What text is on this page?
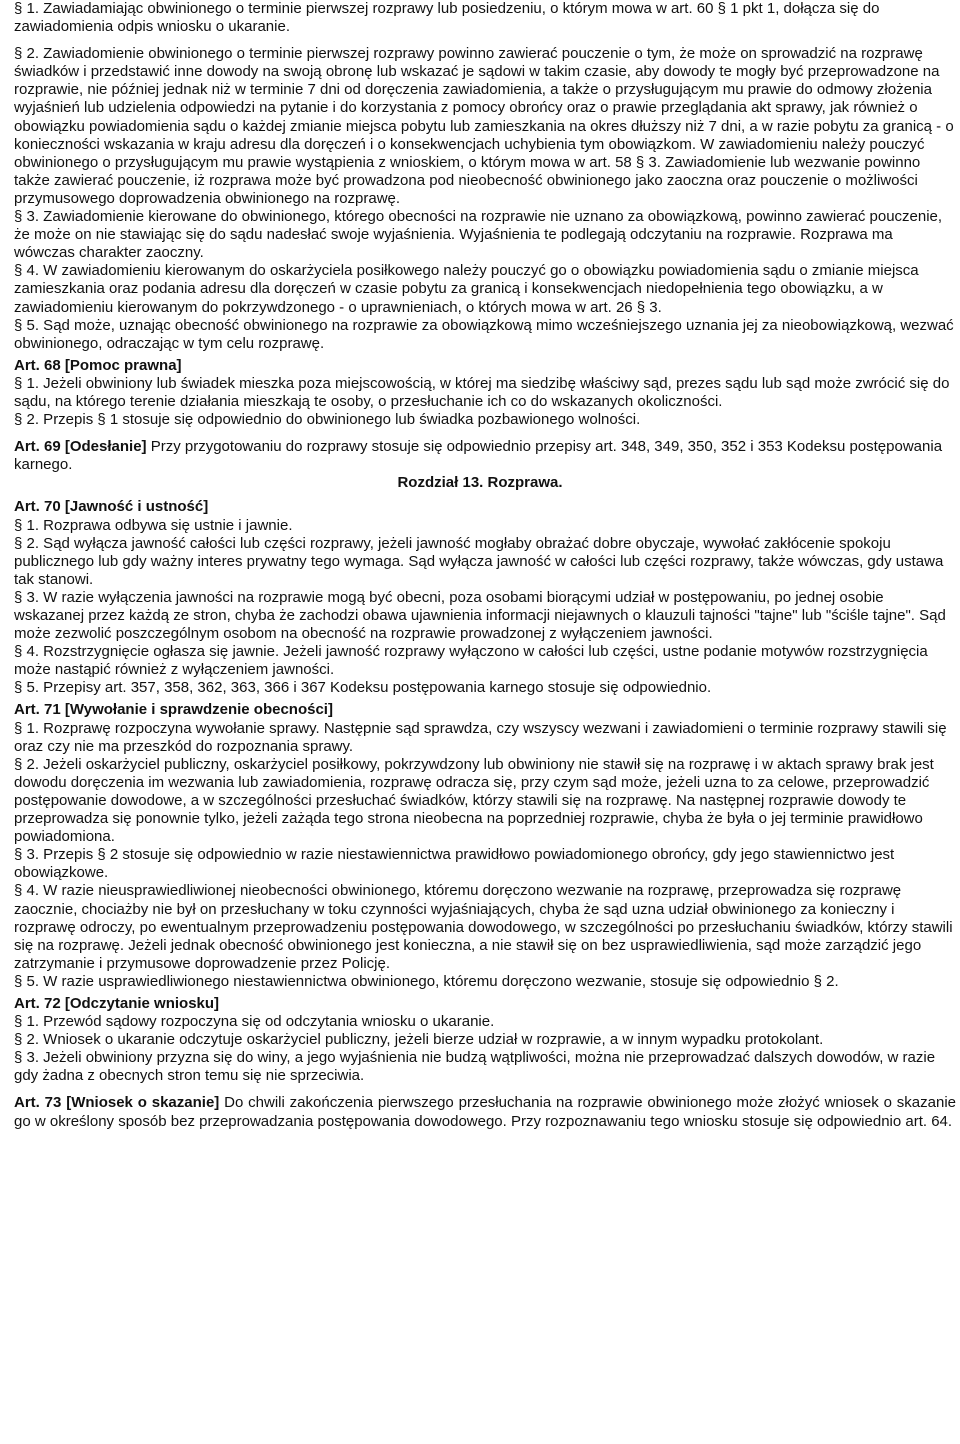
§ 1. Zawiadamiając obwinionego o terminie pierwszej rozprawy lub posiedzeniu, o którym mowa w art. 60 § 1 pkt 1, dołącza się do zawiadomienia odpis wniosku o ukaranie.

§ 2. Zawiadomienie obwinionego o terminie pierwszej rozprawy powinno zawierać pouczenie o tym, że może on sprowadzić na rozprawę świadków i przedstawić inne dowody na swoją obronę lub wskazać je sądowi w takim czasie, aby dowody te mogły być przeprowadzone na rozprawie, nie później jednak niż w terminie 7 dni od doręczenia zawiadomienia, a także o przysługującym mu prawie do odmowy złożenia wyjaśnień lub udzielenia odpowiedzi na pytanie i do korzystania z pomocy obrońcy oraz o prawie przeglądania akt sprawy, jak również o obowiązku powiadomienia sądu o każdej zmianie miejsca pobytu lub zamieszkania na okres dłuższy niż 7 dni, a w razie pobytu za granicą - o konieczności wskazania w kraju adresu dla doręczeń i o konsekwencjach uchybienia tym obowiązkom. W zawiadomieniu należy pouczyć obwinionego o przysługującym mu prawie wystąpienia z wnioskiem, o którym mowa w art. 58 § 3. Zawiadomienie lub wezwanie powinno także zawierać pouczenie, iż rozprawa może być prowadzona pod nieobecność obwinionego jako zaoczna oraz pouczenie o możliwości przymusowego doprowadzenia obwinionego na rozprawę.

§ 3. Zawiadomienie kierowane do obwinionego, którego obecności na rozprawie nie uznano za obowiązkową, powinno zawierać pouczenie, że może on nie stawiając się do sądu nadesłać swoje wyjaśnienia. Wyjaśnienia te podlegają odczytaniu na rozprawie. Rozprawa ma wówczas charakter zaoczny.

§ 4. W zawiadomieniu kierowanym do oskarżyciela posiłkowego należy pouczyć go o obowiązku powiadomienia sądu o zmianie miejsca zamieszkania oraz podania adresu dla doręczeń w czasie pobytu za granicą i konsekwencjach niedopełnienia tego obowiązku, a w zawiadomieniu kierowanym do pokrzywdzonego - o uprawnieniach, o których mowa w art. 26 § 3.

§ 5. Sąd może, uznając obecność obwinionego na rozprawie za obowiązkową mimo wcześniejszego uznania jej za nieobowiązkową, wezwać obwinionego, odraczając w tym celu rozprawę.

Art. 68 [Pomoc prawna]

§ 1. Jeżeli obwiniony lub świadek mieszka poza miejscowością, w której ma siedzibę właściwy sąd, prezes sądu lub sąd może zwrócić się do sądu, na którego terenie działania mieszkają te osoby, o przesłuchanie ich co do wskazanych okoliczności.

§ 2. Przepis § 1 stosuje się odpowiednio do obwinionego lub świadka pozbawionego wolności.

Art. 69 [Odesłanie] Przy przygotowaniu do rozprawy stosuje się odpowiednio przepisy art. 348, 349, 350, 352 i 353 Kodeksu postępowania karnego.

Rozdział 13. Rozprawa.

Art. 70 [Jawność i ustność]

§ 1. Rozprawa odbywa się ustnie i jawnie.

§ 2. Sąd wyłącza jawność całości lub części rozprawy, jeżeli jawność mogłaby obrażać dobre obyczaje, wywołać zakłócenie spokoju publicznego lub gdy ważny interes prywatny tego wymaga. Sąd wyłącza jawność w całości lub części rozprawy, także wówczas, gdy ustawa tak stanowi.

§ 3. W razie wyłączenia jawności na rozprawie mogą być obecni, poza osobami biorącymi udział w postępowaniu, po jednej osobie wskazanej przez każdą ze stron, chyba że zachodzi obawa ujawnienia informacji niejawnych o klauzuli tajności "tajne" lub "ściśle tajne". Sąd może zezwolić poszczególnym osobom na obecność na rozprawie prowadzonej z wyłączeniem jawności.

§ 4. Rozstrzygnięcie ogłasza się jawnie. Jeżeli jawność rozprawy wyłączono w całości lub części, ustne podanie motywów rozstrzygnięcia może nastąpić również z wyłączeniem jawności.

§ 5. Przepisy art. 357, 358, 362, 363, 366 i 367 Kodeksu postępowania karnego stosuje się odpowiednio.

Art. 71 [Wywołanie i sprawdzenie obecności]

§ 1. Rozprawę rozpoczyna wywołanie sprawy. Następnie sąd sprawdza, czy wszyscy wezwani i zawiadomieni o terminie rozprawy stawili się oraz czy nie ma przeszkód do rozpoznania sprawy.

§ 2. Jeżeli oskarżyciel publiczny, oskarżyciel posiłkowy, pokrzywdzony lub obwiniony nie stawił się na rozprawę i w aktach sprawy brak jest dowodu doręczenia im wezwania lub zawiadomienia, rozprawę odracza się, przy czym sąd może, jeżeli uzna to za celowe, przeprowadzić postępowanie dowodowe, a w szczególności przesłuchać świadków, którzy stawili się na rozprawę. Na następnej rozprawie dowody te przeprowadza się ponownie tylko, jeżeli zażąda tego strona nieobecna na poprzedniej rozprawie, chyba że była o jej terminie prawidłowo powiadomiona.

§ 3. Przepis § 2 stosuje się odpowiednio w razie niestawiennictwa prawidłowo powiadomionego obrońcy, gdy jego stawiennictwo jest obowiązkowe.

§ 4. W razie nieusprawiedliwionej nieobecności obwinionego, któremu doręczono wezwanie na rozprawę, przeprowadza się rozprawę zaocznie, chociażby nie był on przesłuchany w toku czynności wyjaśniających, chyba że sąd uzna udział obwinionego za konieczny i rozprawę odroczy, po ewentualnym przeprowadzeniu postępowania dowodowego, w szczególności po przesłuchaniu świadków, którzy stawili się na rozprawę. Jeżeli jednak obecność obwinionego jest konieczna, a nie stawił się on bez usprawiedliwienia, sąd może zarządzić jego zatrzymanie i przymusowe doprowadzenie przez Policję.

§ 5. W razie usprawiedliwionego niestawiennictwa obwinionego, któremu doręczono wezwanie, stosuje się odpowiednio § 2.

Art. 72 [Odczytanie wniosku]

§ 1. Przewód sądowy rozpoczyna się od odczytania wniosku o ukaranie.

§ 2. Wniosek o ukaranie odczytuje oskarżyciel publiczny, jeżeli bierze udział w rozprawie, a w innym wypadku protokolant.

§ 3. Jeżeli obwiniony przyzna się do winy, a jego wyjaśnienia nie budzą wątpliwości, można nie przeprowadzać dalszych dowodów, w razie gdy żadna z obecnych stron temu się nie sprzeciwia.

Art. 73 [Wniosek o skazanie] Do chwili zakończenia pierwszego przesłuchania na rozprawie obwinionego może złożyć wniosek o skazanie go w określony sposób bez przeprowadzania postępowania dowodowego. Przy rozpoznawaniu tego wniosku stosuje się odpowiednio art. 64.
